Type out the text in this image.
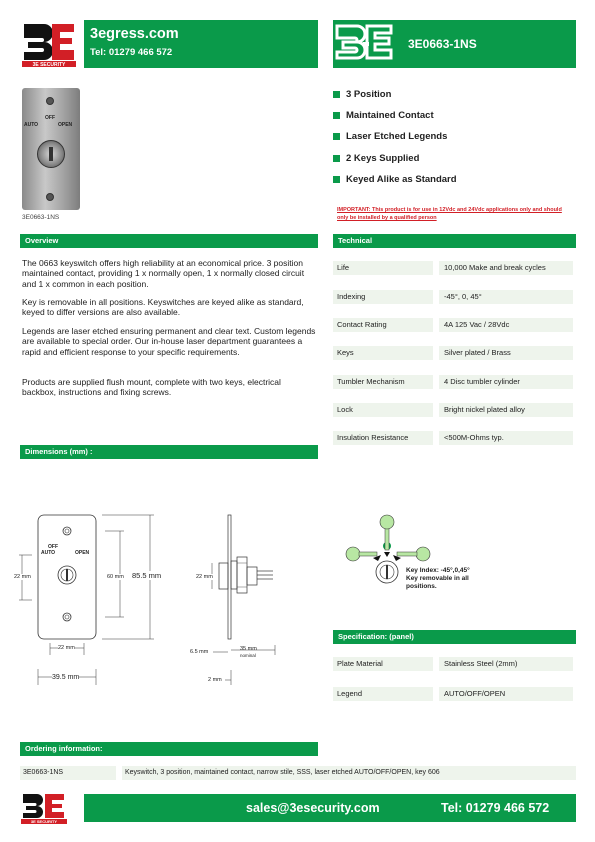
3E SECURITY
3egress.com
Tel: 01279 466 572
3E0663-1NS
OFF
AUTO	OPEN
3E0663-1NS
3 Position
Maintained Contact
Laser Etched Legends
2 Keys Supplied
Keyed Alike as Standard
IMPORTANT: This product is for use in 12Vdc and 24Vdc applications only and should only be installed by a qualified person
Overview
The 0663 keyswitch offers high reliability at an economical price. 3 position maintained contact, providing 1 x normally open, 1 x normally closed circuit and 1 x common in each position.
Key is removable in all positions. Keyswitches are keyed alike as standard, keyed to differ versions are also available.
Legends are laser etched ensuring permanent and clear text. Custom legends are available to special order. Our in-house laser department guarantees a rapid and efficient response to your specific requirements.
Products are supplied flush mount, complete with two keys, electrical backbox, instructions and fixing screws.
Technical
Life	10,000 Make and break cycles
Indexing	-45°, 0, 45°
Contact Rating	4A 125 Vac / 28Vdc
Keys	Silver plated / Brass
Tumbler Mechanism	4 Disc tumbler cylinder
Lock	Bright nickel plated alloy
Insulation Resistance	<500M-Ohms typ.
Dimensions (mm) :
OFF
AUTO	OPEN
22 mm	60 mm 85.5 mm
22 mm
39.5 mm
22 mm
35 mm
nominal
6.5 mm
2 mm
Key Index: -45°,0,45°
Key removable in all positions.
Specification: (panel)
Plate Material	Stainless Steel (2mm)
Legend	AUTO/OFF/OPEN
Ordering information:
3E0663-1NS	Keyswitch, 3 position, maintained contact, narrow stile, SSS, laser etched AUTO/OFF/OPEN, key 606
3E SECURITY
sales@3esecurity.com	Tel: 01279 466 572
